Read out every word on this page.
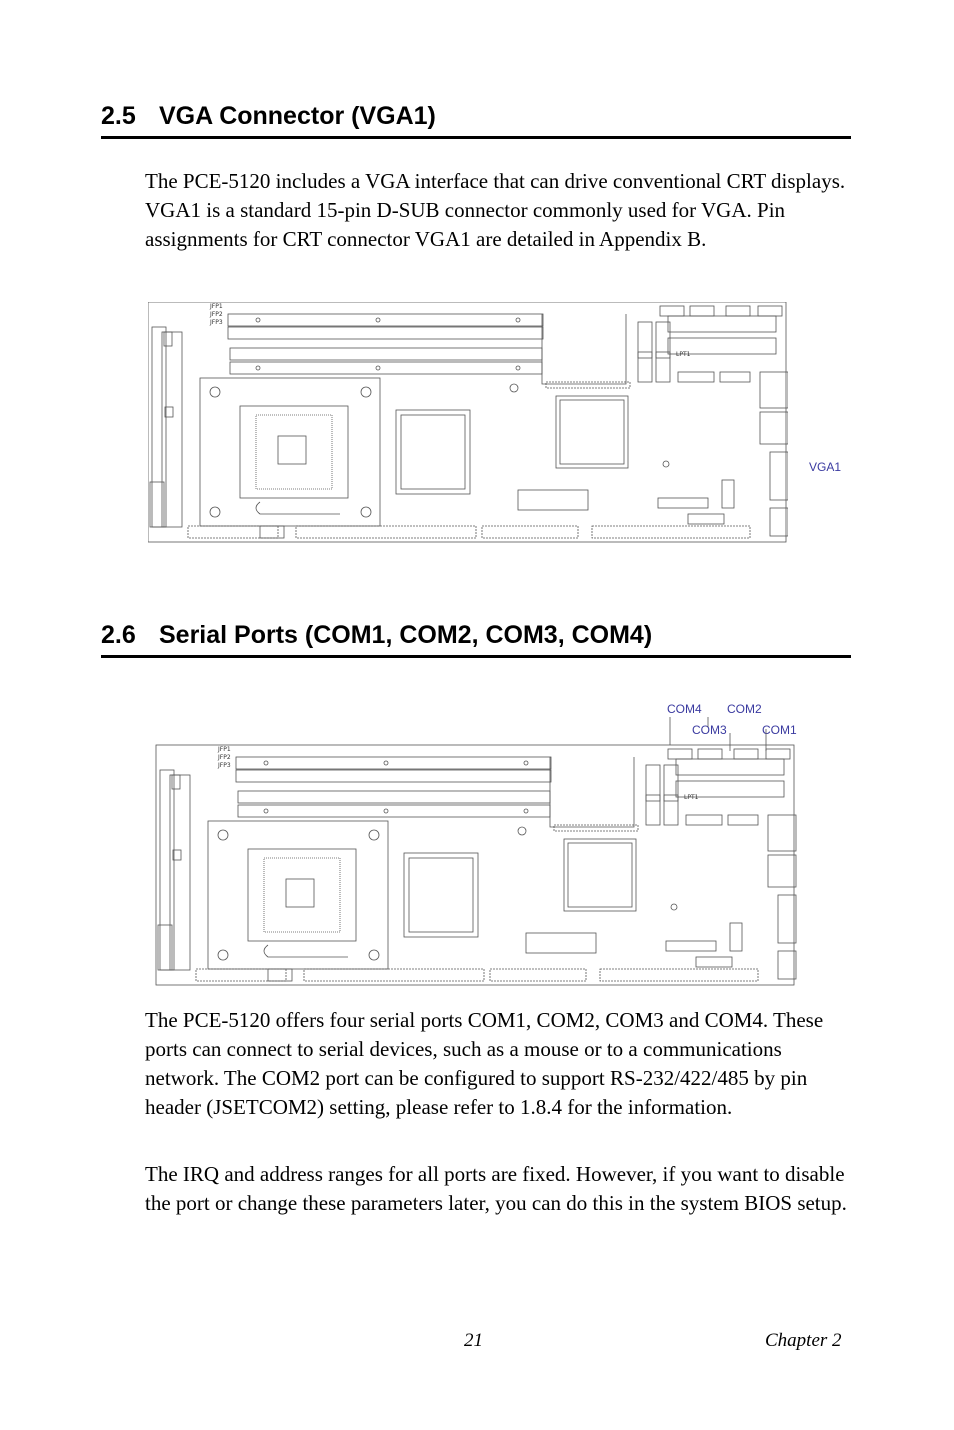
2.5 VGA Connector (VGA1)

The PCE-5120 includes a VGA interface that can drive conventional CRT displays. VGA1 is a standard 15-pin D-SUB connector commonly used for VGA. Pin assignments for CRT connector VGA1 are detailed in Appendix B.

JFP1
JFP2
JFP3
LPT1
VGA1
2.6 Serial Ports (COM1, COM2, COM3, COM4)
COM4 COM2
COM3	COM1
JFP1
JFP2
JFP3
LPT1

The PCE-5120 offers four serial ports COM1, COM2, COM3 and COM4. These ports can connect to serial devices, such as a mouse or to a communications network. The COM2 port can be configured to support RS-232/422/485 by pin header (JSETCOM2) setting, please refer to 1.8.4 for the information.

The IRQ and address ranges for all ports are fixed. However, if you want to disable the port or change these parameters later, you can do this in the system BIOS setup.

21	Chapter 2
